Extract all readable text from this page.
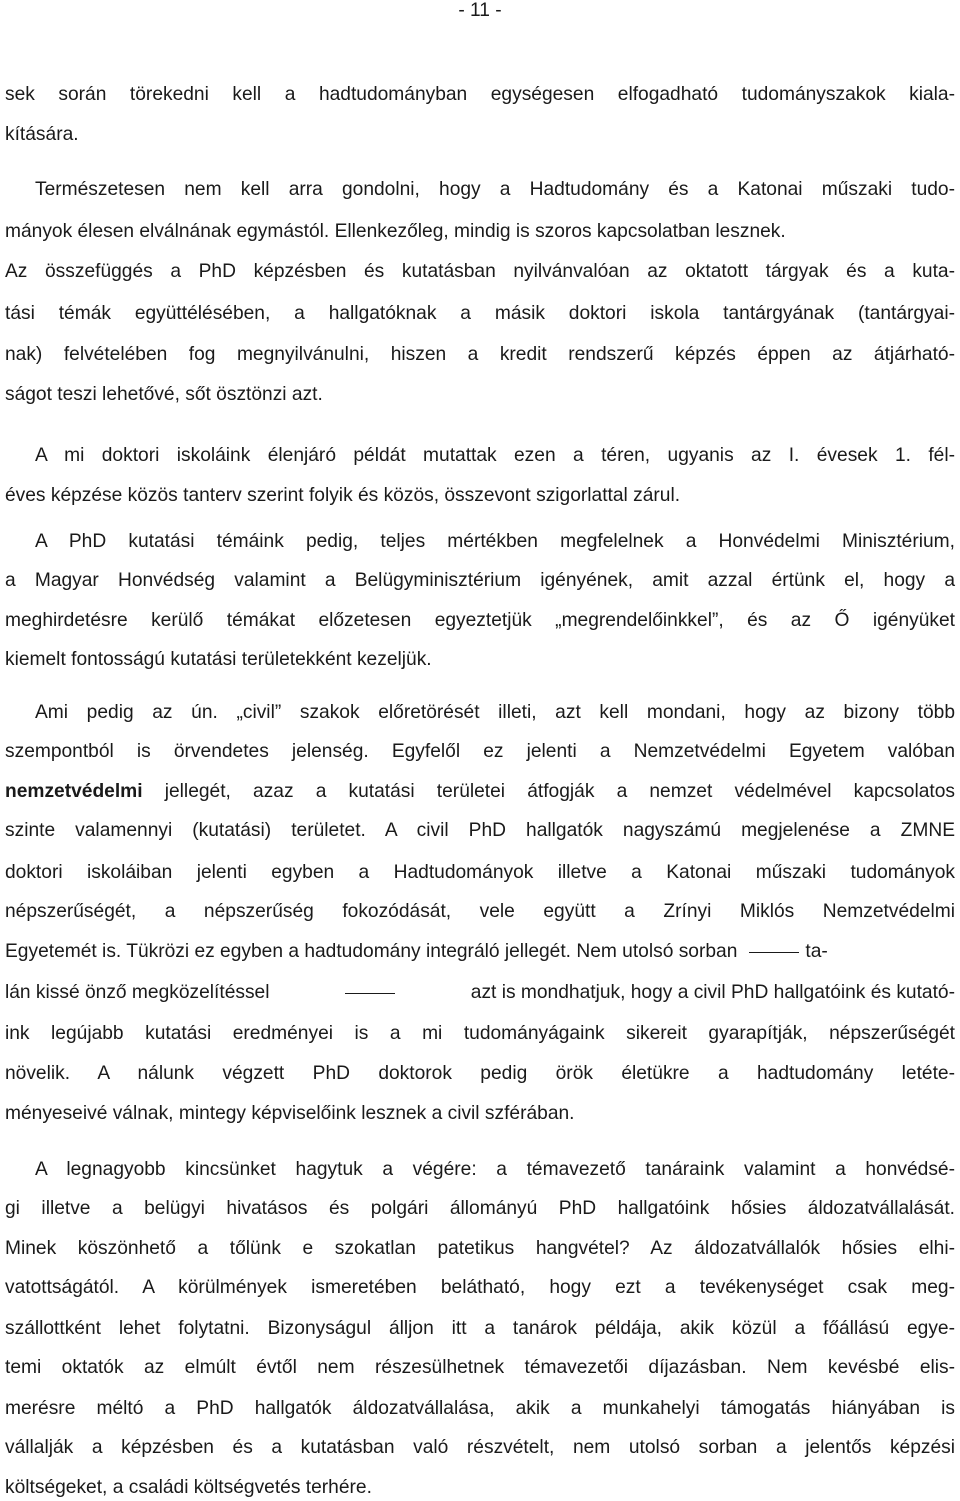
- 11 -
sek során törekedni kell a hadtudományban egységesen elfogadható tudományszakok kiala-
kítására.
Természetesen nem kell arra gondolni, hogy a Hadtudomány és a Katonai műszaki tudo-
mányok élesen elválnának egymástól. Ellenkezőleg, mindig is szoros kapcsolatban lesznek.
Az összefüggés a PhD képzésben és kutatásban nyilvánvalóan az oktatott tárgyak és a kuta-
tási témák együttélésében, a hallgatóknak a másik doktori iskola tantárgyának (tantárgyai-
nak) felvételében fog megnyilvánulni, hiszen a kredit rendszerű képzés éppen az átjárható-
ságot teszi lehetővé, sőt ösztönzi azt.
A mi doktori iskoláink élenjáró példát mutattak ezen a téren, ugyanis az I. évesek 1. fél-
éves képzése közös tanterv szerint folyik és közös, összevont szigorlattal zárul.
A PhD kutatási témáink pedig, teljes mértékben megfelelnek a Honvédelmi Minisztérium,
a Magyar Honvédség valamint a Belügyminisztérium igényének, amit azzal értünk el, hogy a
meghirdetésre kerülő témákat előzetesen egyeztetjük „megrendelőinkkel”, és az Ő igényüket
kiemelt fontosságú kutatási területekként kezeljük.
Ami pedig az ún. „civil” szakok előretörését illeti, azt kell mondani, hogy az bizony több
szempontból is örvendetes jelenség. Egyfelől ez jelenti a Nemzetvédelmi Egyetem valóban
nemzetvédelmi jellegét, azaz a kutatási területei átfogják a nemzet védelmével kapcsolatos
szinte valamennyi (kutatási) területet. A civil PhD hallgatók nagyszámú megjelenése a ZMNE
doktori iskoláiban jelenti egyben a Hadtudományok illetve a Katonai műszaki tudományok
népszerűségét, a népszerűség fokozódását, vele együtt a Zrínyi Miklós Nemzetvédelmi
Egyetemét is. Tükrözi ez egyben a hadtudomány integráló jellegét. Nem utolsó sorban	ta-
lán kissé önző megközelítéssel	azt is mondhatjuk, hogy a civil PhD hallgatóink és kutató-
ink legújabb kutatási eredményei is a mi tudományágaink sikereit gyarapítják, népszerűségét
növelik. A nálunk végzett PhD doktorok pedig örök életükre a hadtudomány letéte-
ményeseivé válnak, mintegy képviselőink lesznek a civil szférában.
A legnagyobb kincsünket hagytuk a végére: a témavezető tanáraink valamint a honvédsé-
gi illetve a belügyi hivatásos és polgári állományú PhD hallgatóink hősies áldozatvállalását.
Minek köszönhető a tőlünk e szokatlan patetikus hangvétel? Az áldozatvállalók hősies elhi-
vatottságától. A körülmények ismeretében belátható, hogy ezt a tevékenységet csak meg-
szállottként lehet folytatni. Bizonyságul álljon itt a tanárok példája, akik közül a főállású egye-
temi oktatók az elmúlt évtől nem részesülhetnek témavezetői díjazásban. Nem kevésbé elis-
merésre méltó a PhD hallgatók áldozatvállalása, akik a munkahelyi támogatás hiányában is
vállalják a képzésben és a kutatásban való részvételt, nem utolsó sorban a jelentős képzési
költségeket, a családi költségvetés terhére.
